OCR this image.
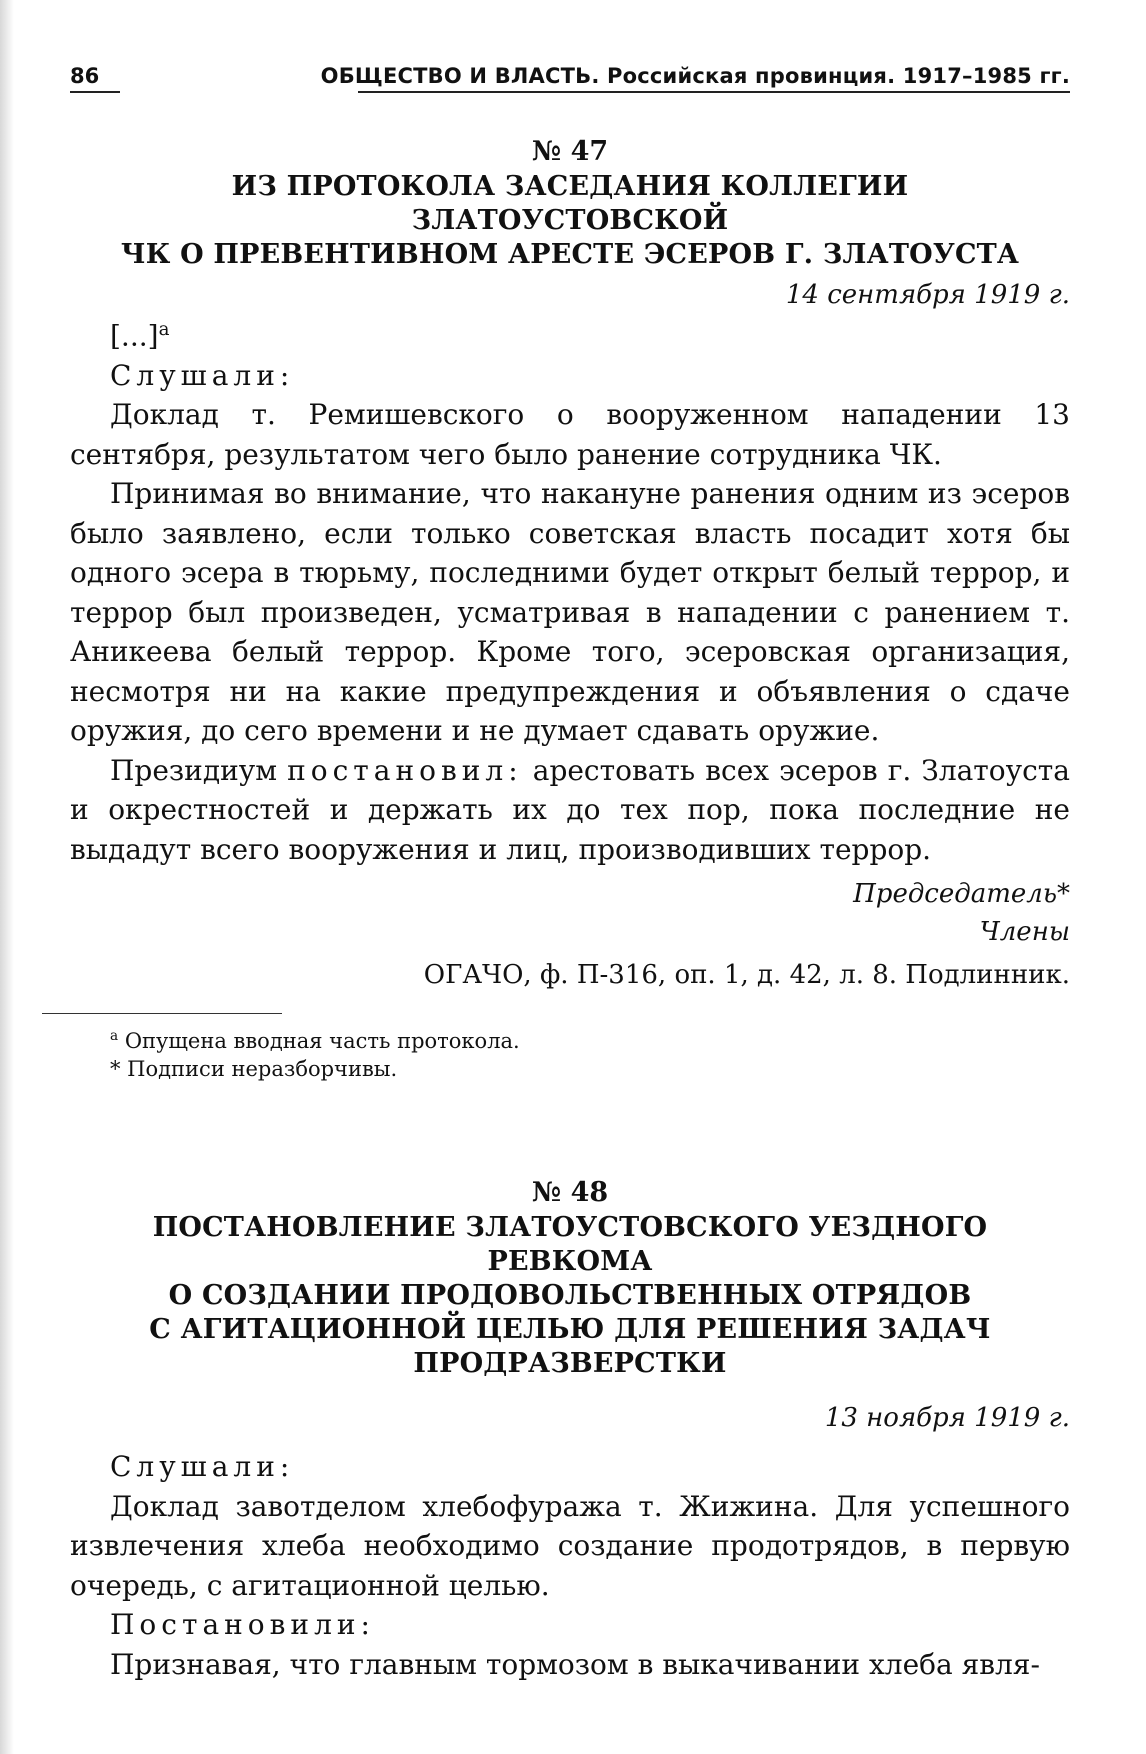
86	ОБЩЕСТВО И ВЛАСТЬ. Российская провинция. 1917–1985 гг.

№ 47

ИЗ ПРОТОКОЛА ЗАСЕДАНИЯ КОЛЛЕГИИ ЗЛАТОУСТОВСКОЙ

ЧК О ПРЕВЕНТИВНОМ АРЕСТЕ ЭСЕРОВ Г. ЗЛАТОУСТА

14 сентября 1919 г.

[...]$^а$

Слушали:

Доклад т. Ремишевского о вооруженном нападении 13 сентября, результатом чего было ранение сотрудника ЧК.

Принимая во внимание, что накануне ранения одним из эсеров было заявлено, если только советская власть посадит хотя бы одного эсера в тюрьму, последними будет открыт белый террор, и террор был произведен, усматривая в нападении с ранением т. Аникеева белый террор. Кроме того, эсеровская организация, несмотря ни на какие предупреждения и объявления о сдаче оружия, до сего времени и не думает сдавать оружие.

Президиум постановил: арестовать всех эсеров г. Златоуста и окрестностей и держать их до тех пор, пока последние не выдадут всего вооружения и лиц, производивших террор.

Председатель*

Члены

ОГАЧО, ф. П-316, оп. 1, д. 42, л. 8. Подлинник.

$^а$ Опущена вводная часть протокола.

* Подписи неразборчивы.

№ 48

ПОСТАНОВЛЕНИЕ ЗЛАТОУСТОВСКОГО УЕЗДНОГО РЕВКОМА

О СОЗДАНИИ ПРОДОВОЛЬСТВЕННЫХ ОТРЯДОВ

С АГИТАЦИОННОЙ ЦЕЛЬЮ ДЛЯ РЕШЕНИЯ ЗАДАЧ

ПРОДРАЗВЕРСТКИ

13 ноября 1919 г.

Слушали:

Доклад завотделом хлебофуража т. Жижина. Для успешного извлечения хлеба необходимо создание продотрядов, в первую очередь, с агитационной целью.

Постановили:

Признавая, что главным тормозом в выкачивании хлеба явля-
